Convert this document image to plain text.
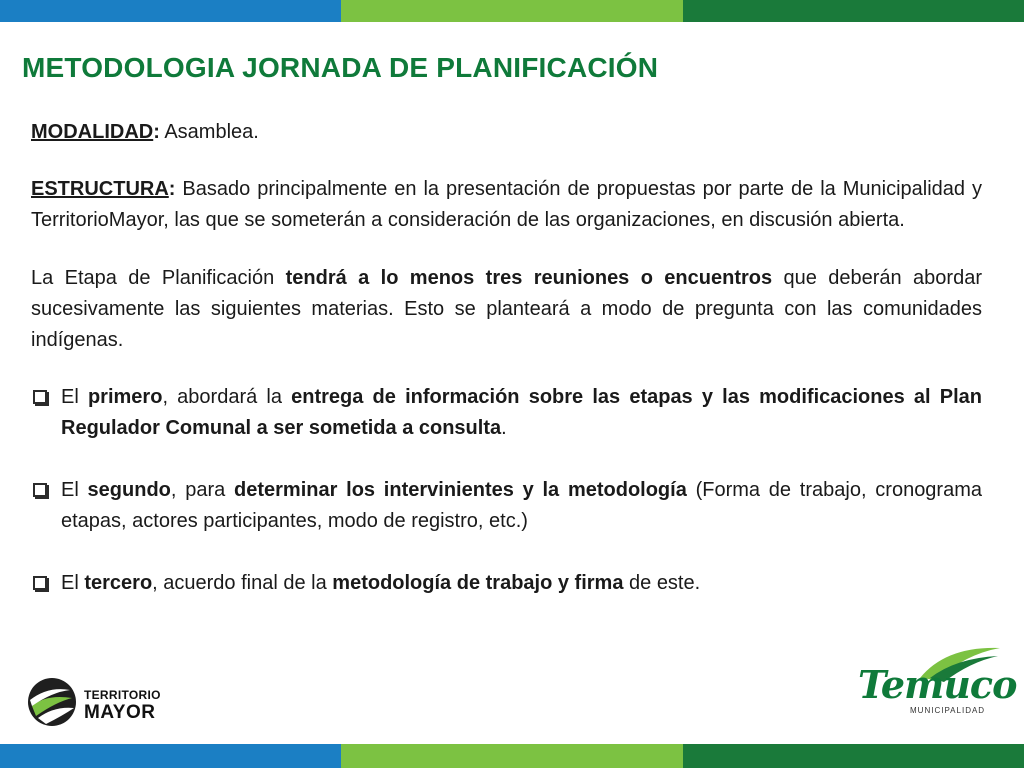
METODOLOGIA JORNADA DE PLANIFICACIÓN

MODALIDAD: Asamblea.

ESTRUCTURA: Basado principalmente en la presentación de propuestas por parte de la Municipalidad y TerritorioMayor, las que se someterán a consideración de las organizaciones, en discusión abierta.

La Etapa de Planificación tendrá a lo menos tres reuniones o encuentros que deberán abordar sucesivamente las siguientes materias. Esto se planteará a modo de pregunta con las comunidades indígenas.

El primero, abordará la entrega de información sobre las etapas y las modificaciones al Plan Regulador Comunal a ser sometida a consulta.
El segundo, para determinar los intervinientes y la metodología (Forma de trabajo, cronograma etapas, actores participantes, modo de registro, etc.)
El tercero, acuerdo final de la metodología de trabajo y firma de este.
TERRITORIO
MAYOR
Temuco
MUNICIPALIDAD
